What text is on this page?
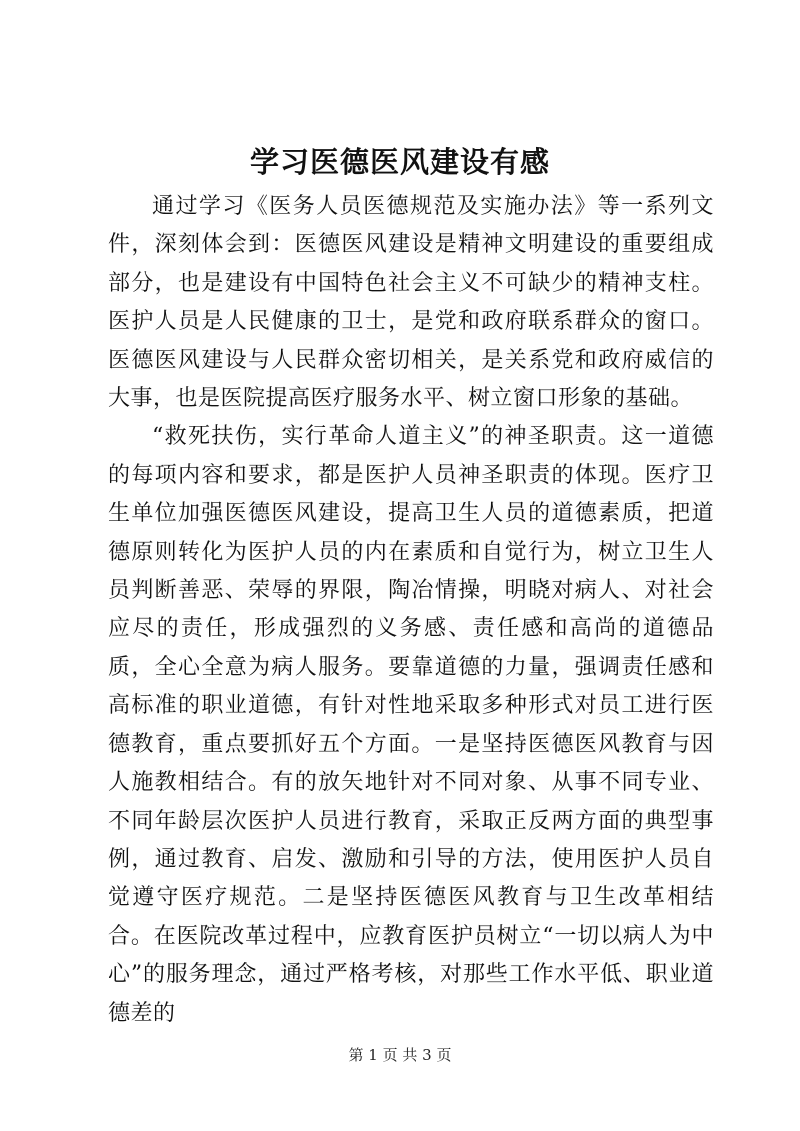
学习医德医风建设有感

通过学习《医务人员医德规范及实施办法》等一系列文件，深刻体会到：医德医风建设是精神文明建设的重要组成部分，也是建设有中国特色社会主义不可缺少的精神支柱。医护人员是人民健康的卫士，是党和政府联系群众的窗口。医德医风建设与人民群众密切相关，是关系党和政府威信的大事，也是医院提高医疗服务水平、树立窗口形象的基础。

“救死扶伤，实行革命人道主义”的神圣职责。这一道德的每项内容和要求，都是医护人员神圣职责的体现。医疗卫生单位加强医德医风建设，提高卫生人员的道德素质，把道德原则转化为医护人员的内在素质和自觉行为，树立卫生人员判断善恶、荣辱的界限，陶冶情操，明晓对病人、对社会应尽的责任，形成强烈的义务感、责任感和高尚的道德品质，全心全意为病人服务。要靠道德的力量，强调责任感和高标准的职业道德，有针对性地采取多种形式对员工进行医德教育，重点要抓好五个方面。一是坚持医德医风教育与因人施教相结合。有的放矢地针对不同对象、从事不同专业、不同年龄层次医护人员进行教育，采取正反两方面的典型事例，通过教育、启发、激励和引导的方法，使用医护人员自觉遵守医疗规范。二是坚持医德医风教育与卫生改革相结合。在医院改革过程中，应教育医护员树立“一切以病人为中心”的服务理念，通过严格考核，对那些工作水平低、职业道德差的

第 1 页 共 3 页
